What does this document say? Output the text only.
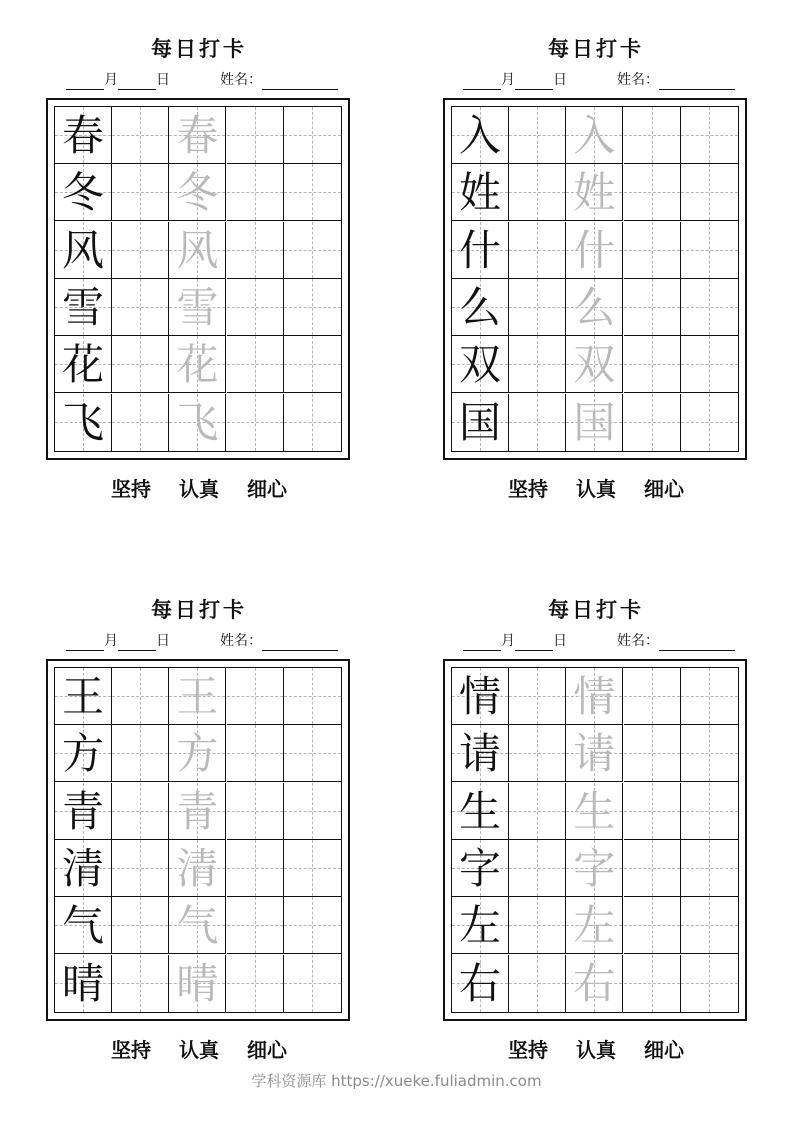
每日打卡
月	日	姓名：
春 春
冬 冬
风 风
雪 雪
花 花
飞 飞
坚持 认真 细心
每日打卡
月	日	姓名：
入 入
姓 姓
什 什
么 么
双 双
国 国
坚持 认真 细心
每日打卡
月	日	姓名：
王 王
方 方
青 青
清 清
气 气
晴 晴
坚持 认真 细心
每日打卡
月	日	姓名：
情 情
请 请
生 生
字 字
左 左
右 右
坚持 认真 细心
学科资源库 https://xueke.fuliadmin.com
